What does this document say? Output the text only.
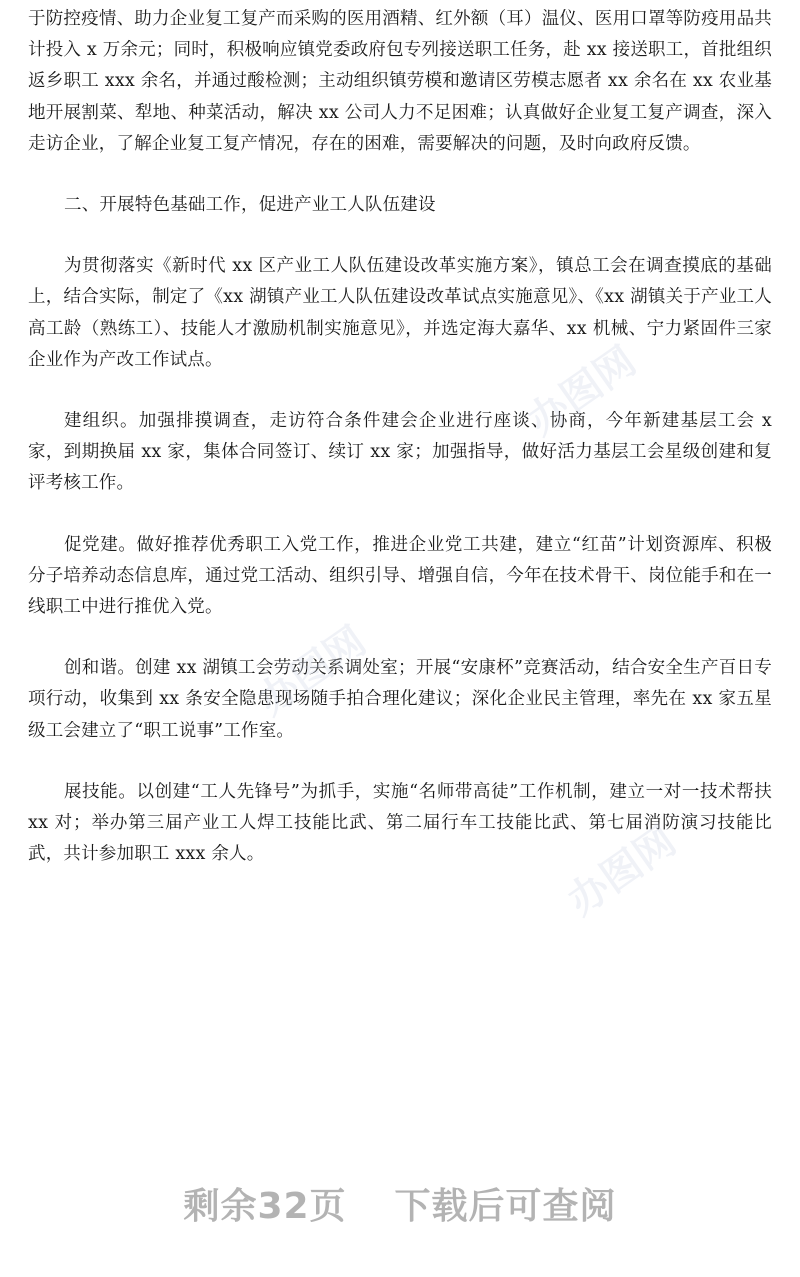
于防控疫情、助力企业复工复产而采购的医用酒精、红外额（耳）温仪、医用口罩等防疫用品共计投入 x 万余元；同时，积极响应镇党委政府包专列接送职工任务，赴 xx 接送职工，首批组织返乡职工 xxx 余名，并通过酸检测；主动组织镇劳模和邀请区劳模志愿者 xx 余名在 xx 农业基地开展割菜、犁地、种菜活动，解决 xx 公司人力不足困难；认真做好企业复工复产调查，深入走访企业，了解企业复工复产情况，存在的困难，需要解决的问题，及时向政府反馈。

二、开展特色基础工作，促进产业工人队伍建设

为贯彻落实《新时代 xx 区产业工人队伍建设改革实施方案》，镇总工会在调查摸底的基础上，结合实际，制定了《xx 湖镇产业工人队伍建设改革试点实施意见》、《xx 湖镇关于产业工人高工龄（熟练工）、技能人才激励机制实施意见》，并选定海大嘉华、xx 机械、宁力紧固件三家企业作为产改工作试点。

建组织。加强排摸调查，走访符合条件建会企业进行座谈、协商，今年新建基层工会 x 家，到期换届 xx 家，集体合同签订、续订 xx 家；加强指导，做好活力基层工会星级创建和复评考核工作。

促党建。做好推荐优秀职工入党工作，推进企业党工共建，建立“红苗”计划资源库、积极分子培养动态信息库，通过党工活动、组织引导、增强自信，今年在技术骨干、岗位能手和在一线职工中进行推优入党。

创和谐。创建 xx 湖镇工会劳动关系调处室；开展“安康杯”竞赛活动，结合安全生产百日专项行动，收集到 xx 条安全隐患现场随手拍合理化建议；深化企业民主管理，率先在 xx 家五星级工会建立了“职工说事”工作室。

展技能。以创建“工人先锋号”为抓手，实施“名师带高徒”工作机制，建立一对一技术帮扶 xx 对；举办第三届产业工人焊工技能比武、第二届行车工技能比武、第七届消防演习技能比武，共计参加职工 xxx 余人。

办图网
办图网
办图网
剩余32页 下载后可查阅
